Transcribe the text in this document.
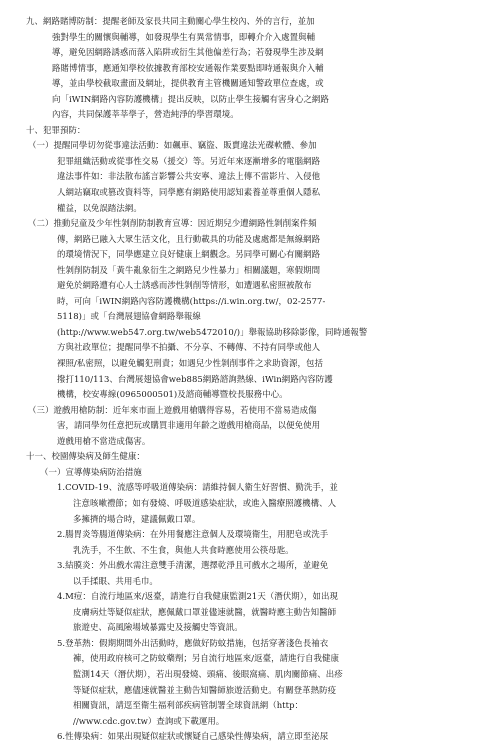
九、網路賭博防制：提醒老師及家長共同主動關心學生校內、外的言行，並加
強對學生的關懷與輔導，如發現學生有異常情事，即轉介介入處置與輔
導，避免因網路誘惑而落入陷阱或衍生其他偏差行為；若發現學生涉及網
路賭博情事，應通知學校依據教育部校安通報作業要點即時通報與介入輔
導，並由學校截取畫面及網址，提供教育主管機關通知警政單位查處，或
向「iWIN網路內容防護機構」提出反映，以防止學生接觸有害身心之網路
內容，共同保護莘莘學子，營造純淨的學習環境。
十、犯罪預防：
（一）提醒同學切勿從事違法活動：如飆車、竊盜、販賣違法光碟軟體、參加
犯罪組織活動或從事性交易（援交）等。另近年來逐漸增多的電腦網路
違法事件如：非法散布謠言影響公共安寧、違法上傳不雷影片、入侵他
人網站竊取或篡改資料等，同學應有網路使用認知素養並尊重個人隱私
權益，以免誤踏法網。
（二）推動兒童及少年性剝削防制教育宣導：因近期兒少遭網路性剝削案件頻
傳，網路已融入大眾生活文化，且行動載具的功能及處處都是無線網路
的環境情況下，同學應建立良好健康上網觀念。另同學可關心有關網路
性剝削防制及「黃牛亂象衍生之網路兒少性暴力」相關議題，寒假期間
避免於網路遭有心人士誘惑而涉性剝削等情形，如遭遇私密照被散布
時，可向「iWIN網路內容防護機構(https://i.win.org.tw/，02-2577-
5118)」或「台灣展翅協會網路舉報線
(http://www.web547.org.tw/web5472010/)」舉報協助移除影像，同時通報警
方與社政單位；提醒同學不拍攝、不分享、不轉傳、不持有同學或他人
裸照/私密照，以避免觸犯刑責；如遇兒少性剝削事件之求助資源，包括
撥打110/113、台灣展翅協會web885網路諮詢熱線、iWin網路內容防護
機構，校安專線(0965000501)及諮商輔導暨校長服務中心。
（三）遊戲用槍防制：近年來市面上遊戲用槍購得容易，若使用不當易造成傷
害，請同學勿任意把玩或購買非適用年齡之遊戲用槍商品，以便免使用
遊戲用槍不當造成傷害。
十一、校園傳染病及師生健康：
（一）宣導傳染病防治措施
1.COVID-19、流感等呼吸道傳染病：請維持個人衛生好習慣、勤洗手，並
注意咳嗽禮節；如有發燒、呼吸道感染症狀，或進入醫療照護機構、人
多擁擠的場合時，建議佩戴口罩。
2.腸胃炎等腸道傳染病：在外用餐應注意個人及環境衛生，用肥皂或洗手
乳洗手，不生飲、不生食，與他人共食時應使用公筷母匙。
3.結膜炎：外出戲水需注意雙手清潔，選擇乾淨且可戲水之場所，並避免
以手揉眼、共用毛巾。
4.M痘：自流行地區來/返臺，請進行自我健康監測21天（潛伏期），如出現
皮膚病灶等疑似症狀，應佩戴口罩並儘速就醫，就醫時應主動告知醫師
旅遊史、高風險場域暴露史及接觸史等資訊。
5.登革熱：假期期間外出活動時，應做好防蚊措施，包括穿著淺色長袖衣
褲，使用政府核可之防蚊藥劑；另自流行地區來/返臺，請進行自我健康
監測14天（潛伏期），若出現發燒、頭痛、後眼窩痛、肌肉關節痛、出疹
等疑似症狀，應儘速就醫並主動告知醫師旅遊活動史。有關登革熱防疫
相關資訊，請逕至衛生福利部疾病管制署全球資訊網（http：
//www.cdc.gov.tw）查詢或下載運用。
6.性傳染病：如果出現疑似症狀或懷疑自己感染性傳染病，請立即至泌尿
